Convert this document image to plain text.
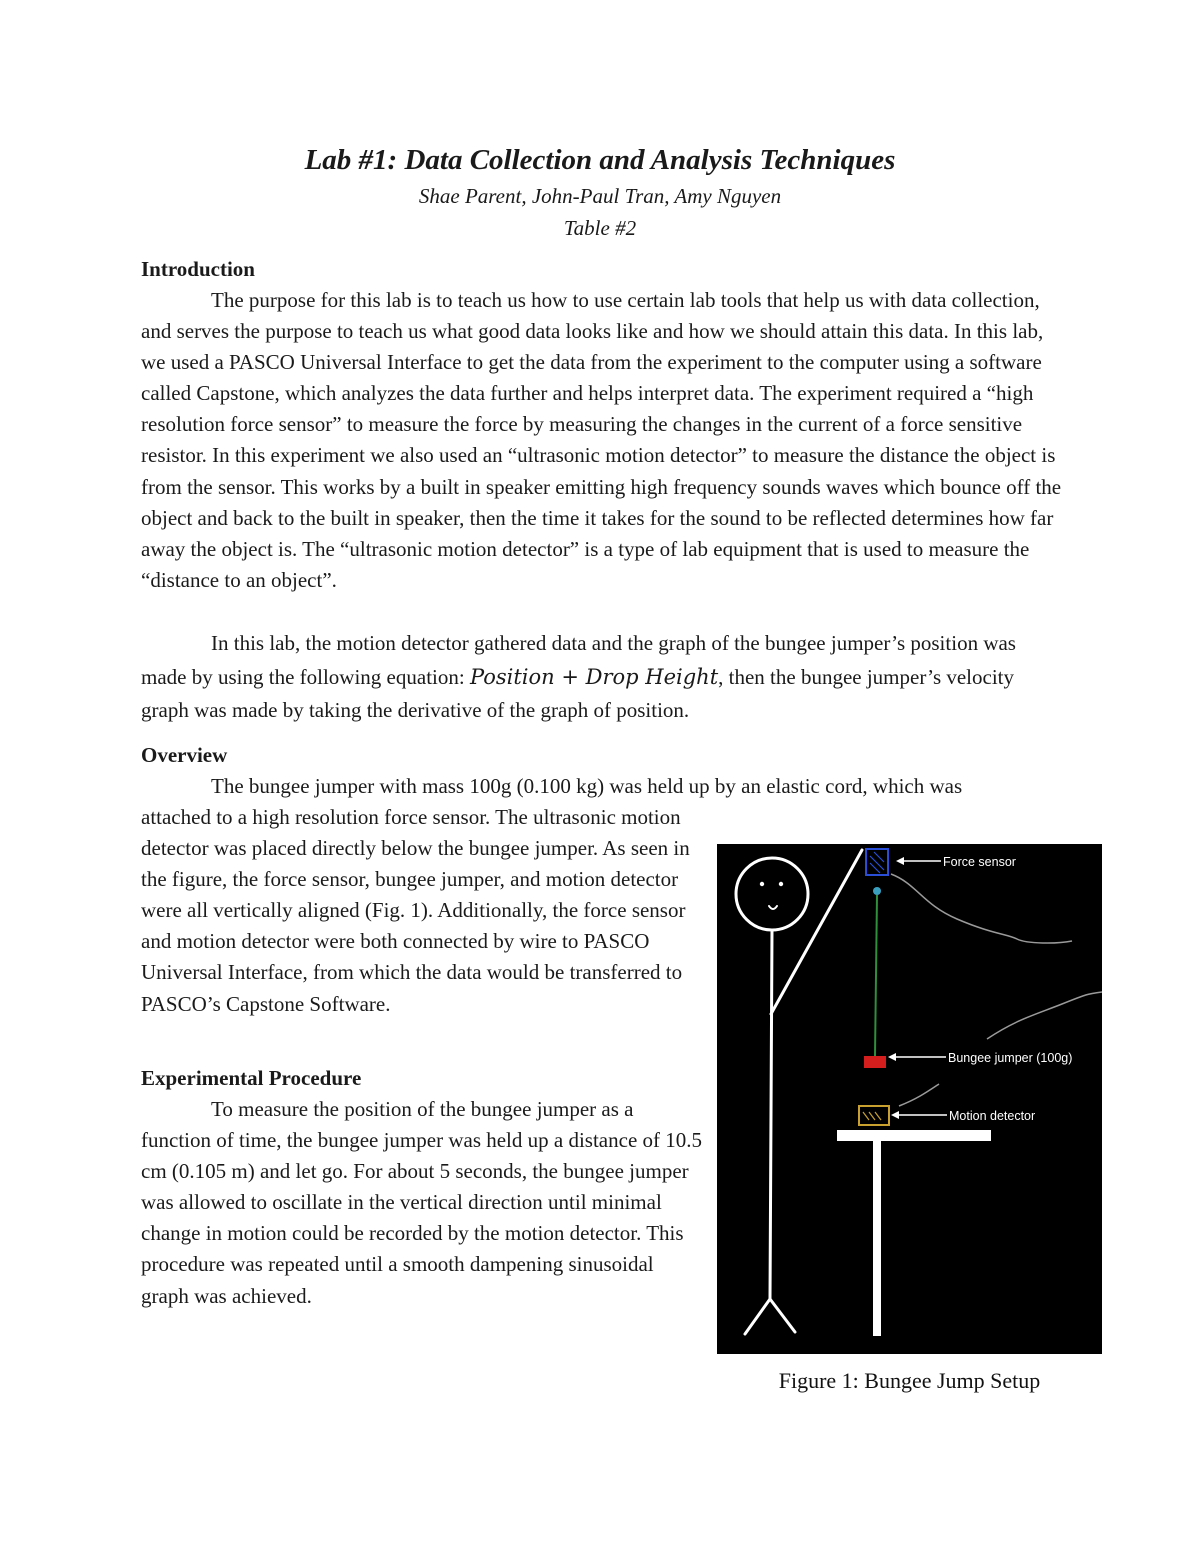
Lab #1: Data Collection and Analysis Techniques

Shae Parent, John-Paul Tran, Amy Nguyen

Table #2

Introduction

The purpose for this lab is to teach us how to use certain lab tools that help us with data collection, and serves the purpose to teach us what good data looks like and how we should attain this data. In this lab, we used a PASCO Universal Interface to get the data from the experiment to the computer using a software called Capstone, which analyzes the data further and helps interpret data. The experiment required a “high resolution force sensor” to measure the force by measuring the changes in the current of a force sensitive resistor. In this experiment we also used an “ultrasonic motion detector” to measure the distance the object is from the sensor. This works by a built in speaker emitting high frequency sounds waves which bounce off the object and back to the built in speaker, then the time it takes for the sound to be reflected determines how far away the object is. The “ultrasonic motion detector” is a type of lab equipment that is used to measure the “distance to an object”.

In this lab, the motion detector gathered data and the graph of the bungee jumper’s position was made by using the following equation: Position + Drop Height, then the bungee jumper’s velocity graph was made by taking the derivative of the graph of position.

Overview

The bungee jumper with mass 100g (0.100 kg) was held up by an elastic cord, which was

attached to a high resolution force sensor. The ultrasonic motion detector was placed directly below the bungee jumper. As seen in the figure, the force sensor, bungee jumper, and motion detector were all vertically aligned (Fig. 1). Additionally, the force sensor and motion detector were both connected by wire to PASCO Universal Interface, from which the data would be transferred to PASCO’s Capstone Software.

Experimental Procedure

To measure the position of the bungee jumper as a function of time, the bungee jumper was held up a distance of 10.5 cm (0.105 m) and let go. For about 5 seconds, the bungee jumper was allowed to oscillate in the vertical direction until minimal change in motion could be recorded by the motion detector. This procedure was repeated until a smooth dampening sinusoidal graph was achieved.

Force sensor
Bungee jumper (100g)
Motion detector

Figure 1: Bungee Jump Setup
